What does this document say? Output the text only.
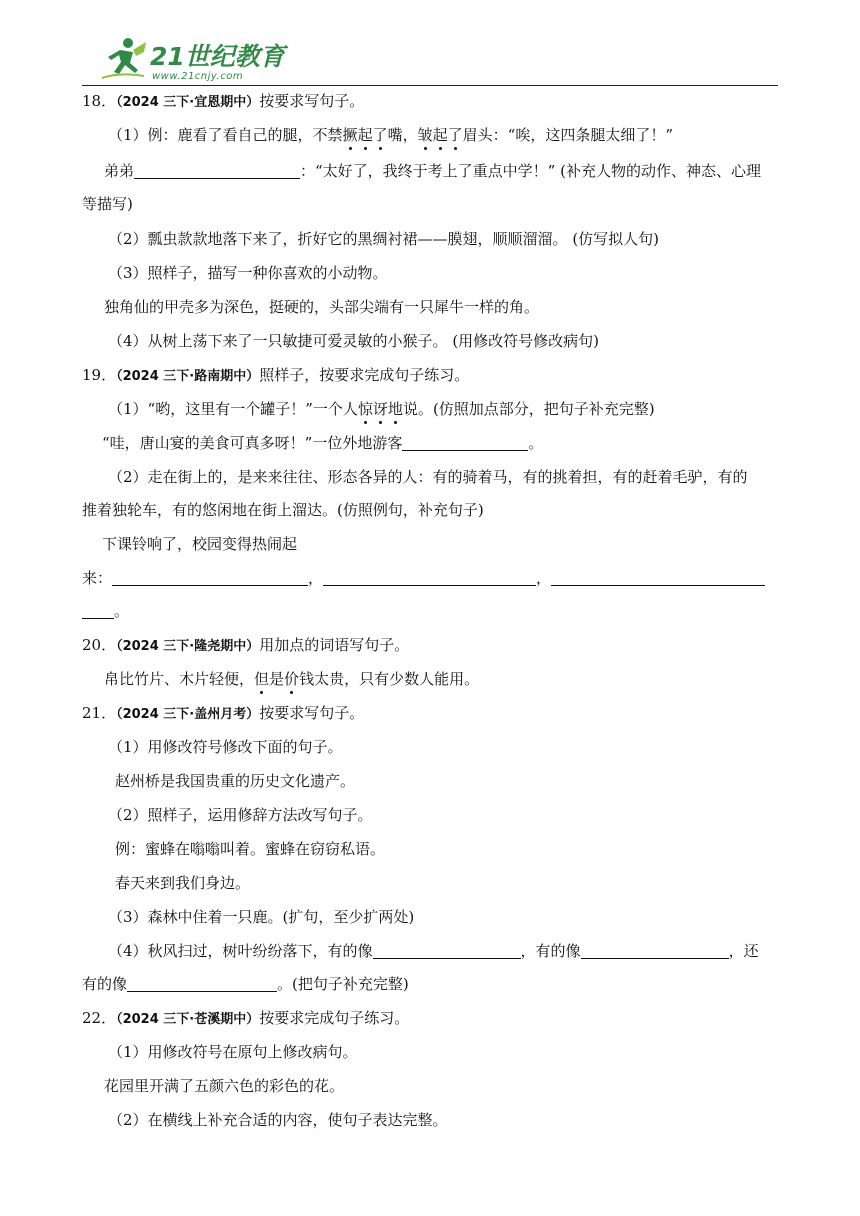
21世纪教育
www.21cnjy.com
18．（2024 三下·宜恩期中）按要求写句子。
（1）例：鹿看了看自己的腿，不禁撅起了嘴，皱起了眉头：“唉，这四条腿太细了！”
弟弟	：“太好了，我终于考上了重点中学！” (补充人物的动作、神态、心理
等描写)
（2）瓢虫款款地落下来了，折好它的黑绸衬裙——膜翅，顺顺溜溜。 (仿写拟人句)
（3）照样子，描写一种你喜欢的小动物。
独角仙的甲壳多为深色，挺硬的，头部尖端有一只犀牛一样的角。
（4）从树上荡下来了一只敏捷可爱灵敏的小猴子。 (用修改符号修改病句)
19．（2024 三下·路南期中）照样子，按要求完成句子练习。
（1）“哟，这里有一个罐子！”一个人惊讶地说。(仿照加点部分，把句子补充完整)
“哇，唐山宴的美食可真多呀！”一位外地游客	。
（2）走在街上的，是来来往往、形态各异的人：有的骑着马，有的挑着担，有的赶着毛驴，有的
推着独轮车，有的悠闲地在街上溜达。(仿照例句，补充句子)
下课铃响了，校园变得热闹起
来：	，	，
。
20．（2024 三下·隆尧期中）用加点的词语写句子。
帛比竹片、木片轻便，但是价钱太贵，只有少数人能用。
21．（2024 三下·盖州月考）按要求写句子。
（1）用修改符号修改下面的句子。
赵州桥是我国贵重的历史文化遗产。
（2）照样子，运用修辞方法改写句子。
例：蜜蜂在嗡嗡叫着。蜜蜂在窃窃私语。
春天来到我们身边。
（3）森林中住着一只鹿。(扩句，至少扩两处)
（4）秋风扫过，树叶纷纷落下，有的像	，有的像	，还
有的像	。(把句子补充完整)
22．（2024 三下·苍溪期中）按要求完成句子练习。
（1）用修改符号在原句上修改病句。
花园里开满了五颜六色的彩色的花。
（2）在横线上补充合适的内容，使句子表达完整。
